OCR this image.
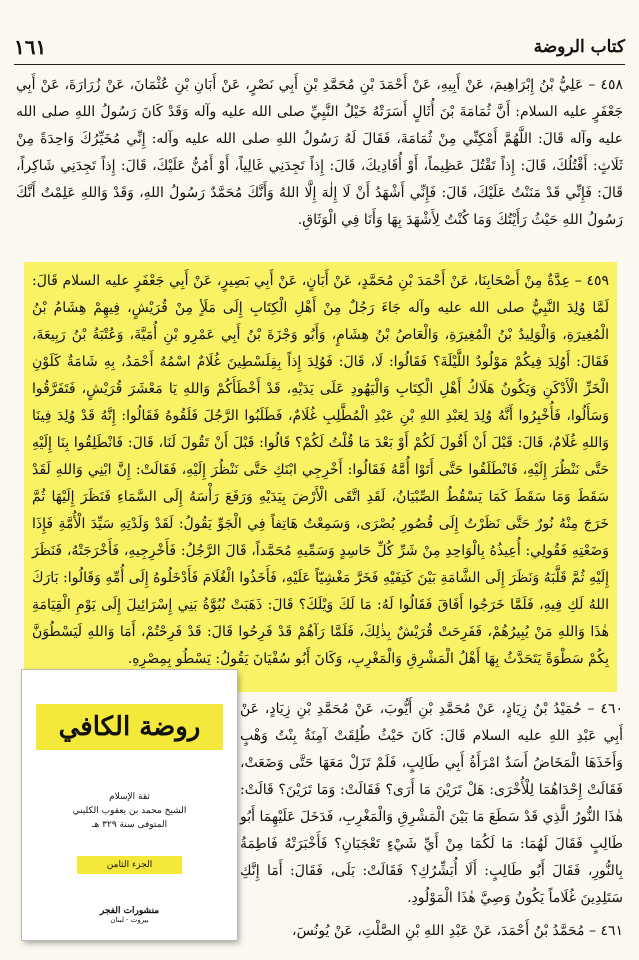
١٦١	كتاب الروضة

٤٥٨ – عَلِيُّ بْنُ إِبْرَاهِيمَ، عَنْ أَبِيهِ، عَنْ أَحْمَدَ بْنِ مُحَمَّدِ بْنِ أَبِي نَصْرٍ، عَنْ أَبَانِ بْنِ عُثْمَانَ، عَنْ زُرَارَةَ، عَنْ أَبِي جَعْفَرٍ عليه السلام: أَنَّ ثُمَامَةَ بْنَ أُثَالٍ أَسَرَتْهُ خَيْلُ النَّبِيِّ صلى الله عليه وآله وَقَدْ كَانَ رَسُولُ اللهِ صلى الله عليه وآله قَالَ: اللَّهُمَّ أَمْكِنِّي مِنْ ثُمَامَةَ، فَقَالَ لَهُ رَسُولُ اللهِ صلى الله عليه وآله: إِنِّي مُخَيِّرُكَ وَاحِدَةً مِنْ ثَلَاثٍ: أَقْتُلُكَ، قَالَ: إِذاً تَقْتُلَ عَظِيماً، أَوْ أُفَادِيكَ، قَالَ: إِذاً تَجِدَنِي غَالِياً، أَوْ أَمُنُّ عَلَيْكَ، قَالَ: إِذاً تَجِدَنِي شَاكِراً، قَالَ: فَإِنِّي قَدْ مَنَنْتُ عَلَيْكَ، قَالَ: فَإِنِّي أَشْهَدُ أَنْ لَا إِلٰهَ إِلَّا اللهُ وَأَنَّكَ مُحَمَّدٌ رَسُولُ اللهِ، وَقَدْ وَاللهِ عَلِمْتُ أَنَّكَ رَسُولُ اللهِ حَيْثُ رَأَيْتُكَ وَمَا كُنْتُ لِأَشْهَدَ بِهَا وَأَنَا فِي الْوَثَاقِ.

٤٥٩ – عِدَّةٌ مِنْ أَصْحَابِنَا، عَنْ أَحْمَدَ بْنِ مُحَمَّدٍ، عَنْ أَبَانٍ، عَنْ أَبِي بَصِيرٍ، عَنْ أَبِي جَعْفَرٍ عليه السلام قَالَ: لَمَّا وُلِدَ النَّبِيُّ صلى الله عليه وآله جَاءَ رَجُلٌ مِنْ أَهْلِ الْكِتَابِ إِلَى مَلَأٍ مِنْ قُرَيْشٍ، فِيهِمْ هِشَامُ بْنُ الْمُغِيرَةِ، وَالْوَلِيدُ بْنُ الْمُغِيرَةِ، وَالْعَاصُ بْنُ هِشَامٍ، وَأَبُو وَجْزَةَ بْنُ أَبِي عَمْرِو بْنِ أُمَيَّةَ، وَعُتْبَةُ بْنُ رَبِيعَةَ، فَقَالَ: أَوُلِدَ فِيكُمْ مَوْلُودٌ اللَّيْلَةَ؟ فَقَالُوا: لَا، قَالَ: فَوُلِدَ إِذاً بِفِلَسْطِينَ غُلَامٌ اسْمُهُ أَحْمَدُ، بِهِ شَامَةٌ كَلَوْنِ الْخَزِّ الْأَدْكَنِ وَيَكُونُ هَلَاكُ أَهْلِ الْكِتَابِ وَالْيَهُودِ عَلَى يَدَيْهِ، قَدْ أَخْطَأَكُمْ وَاللهِ يَا مَعْشَرَ قُرَيْشٍ، فَتَفَرَّقُوا وَسَأَلُوا، فَأُخْبِرُوا أَنَّهُ وُلِدَ لِعَبْدِ اللهِ بْنِ عَبْدِ الْمُطَّلِبِ غُلَامٌ، فَطَلَبُوا الرَّجُلَ فَلَقُوهُ فَقَالُوا: إِنَّهُ قَدْ وُلِدَ فِينَا وَاللهِ غُلَامٌ، قَالَ: قَبْلَ أَنْ أَقُولَ لَكُمْ أَوْ بَعْدَ مَا قُلْتُ لَكُمْ؟ قَالُوا: قَبْلَ أَنْ تَقُولَ لَنَا، قَالَ: فَانْطَلِقُوا بِنَا إِلَيْهِ حَتَّى نَنْظُرَ إِلَيْهِ، فَانْطَلَقُوا حَتَّى أَتَوْا أُمَّهُ فَقَالُوا: أَخْرِجِي ابْنَكِ حَتَّى نَنْظُرَ إِلَيْهِ، فَقَالَتْ: إِنَّ ابْنِي وَاللهِ لَقَدْ سَقَطَ وَمَا سَقَطَ كَمَا يَسْقُطُ الصِّبْيَانُ، لَقَدِ اتَّقَى الْأَرْضَ بِيَدَيْهِ وَرَفَعَ رَأْسَهُ إِلَى السَّمَاءِ فَنَظَرَ إِلَيْهَا ثُمَّ خَرَجَ مِنْهُ نُورٌ حَتَّى نَظَرْتُ إِلَى قُصُورِ بُصْرَى، وَسَمِعْتُ هَاتِفاً فِي الْجَوِّ يَقُولُ: لَقَدْ وَلَدْتِهِ سَيِّدَ الْأُمَّةِ فَإِذَا وَضَعْتِهِ فَقُولِي: أُعِيذُهُ بِالْوَاحِدِ مِنْ شَرِّ كُلِّ حَاسِدٍ وَسَمِّيهِ مُحَمَّداً، قَالَ الرَّجُلُ: فَأَخْرِجِيهِ، فَأَخْرَجَتْهُ، فَنَظَرَ إِلَيْهِ ثُمَّ قَلَّبَهُ وَنَظَرَ إِلَى الشَّامَةِ بَيْنَ كَتِفَيْهِ فَخَرَّ مَغْشِيّاً عَلَيْهِ، فَأَخَذُوا الْغُلَامَ فَأَدْخَلُوهُ إِلَى أُمِّهِ وَقَالُوا: بَارَكَ اللهُ لَكِ فِيهِ، فَلَمَّا خَرَجُوا أَفَاقَ فَقَالُوا لَهُ: مَا لَكَ وَيْلَكَ؟ قَالَ: ذَهَبَتْ نُبُوَّةُ بَنِي إِسْرَائِيلَ إِلَى يَوْمِ الْقِيَامَةِ هٰذَا وَاللهِ مَنْ يُبِيرُهُمْ، فَفَرِحَتْ قُرَيْشٌ بِذٰلِكَ، فَلَمَّا رَآهُمْ قَدْ فَرِحُوا قَالَ: قَدْ فَرِحْتُمْ، أَمَا وَاللهِ لَيَسْطُوَنَّ بِكُمْ سَطْوَةً يَتَحَدَّثُ بِهَا أَهْلُ الْمَشْرِقِ وَالْمَغْرِبِ، وَكَانَ أَبُو سُفْيَانَ يَقُولُ: يَسْطُو بِمِصْرِهِ.

٤٦٠ – حُمَيْدُ بْنُ زِيَادٍ، عَنْ مُحَمَّدِ بْنِ أَيُّوبَ، عَنْ مُحَمَّدِ بْنِ زِيَادٍ، عَنْ أَبِي عَبْدِ اللهِ عليه السلام قَالَ: كَانَ حَيْثُ طُلِقَتْ آمِنَةُ بِنْتُ وَهْبٍ وَأَخَذَهَا الْمَخَاضُ أَسَدٌ امْرَأَةُ أَبِي طَالِبٍ، فَلَمْ تَزَلْ مَعَهَا حَتَّى وَضَعَتْ، فَقَالَتْ إِحْدَاهُمَا لِلْأُخْرَى: هَلْ تَرَيْنَ مَا أَرَى؟ فَقَالَتْ: وَمَا تَرَيْنَ؟ قَالَتْ: هٰذَا النُّورُ الَّذِي قَدْ سَطَعَ مَا بَيْنَ الْمَشْرِقِ وَالْمَغْرِبِ، فَدَخَلَ عَلَيْهِمَا أَبُو طَالِبٍ فَقَالَ لَهُمَا: مَا لَكُمَا مِنْ أَيِّ شَيْءٍ تَعْجَبَانِ؟ فَأَخْبَرَتْهُ فَاطِمَةُ بِالنُّورِ، فَقَالَ أَبُو طَالِبٍ: أَلَا أُبَشِّرُكِ؟ فَقَالَتْ: بَلَى، فَقَالَ: أَمَا إِنَّكِ سَتَلِدِينَ غُلَاماً يَكُونُ وَصِيَّ هٰذَا الْمَوْلُودِ.

٤٦١ – مُحَمَّدُ بْنُ أَحْمَدَ، عَنْ عَبْدِ اللهِ بْنِ الصَّلْتِ، عَنْ يُونُسَ،

روضة الكافي
ثقة الإسلام
الشيخ محمد بن يعقوب الكليني
المتوفى سنة ٣٢٩ هـ
الجزء الثامن
منشورات الفجر
بيروت - لبنان
